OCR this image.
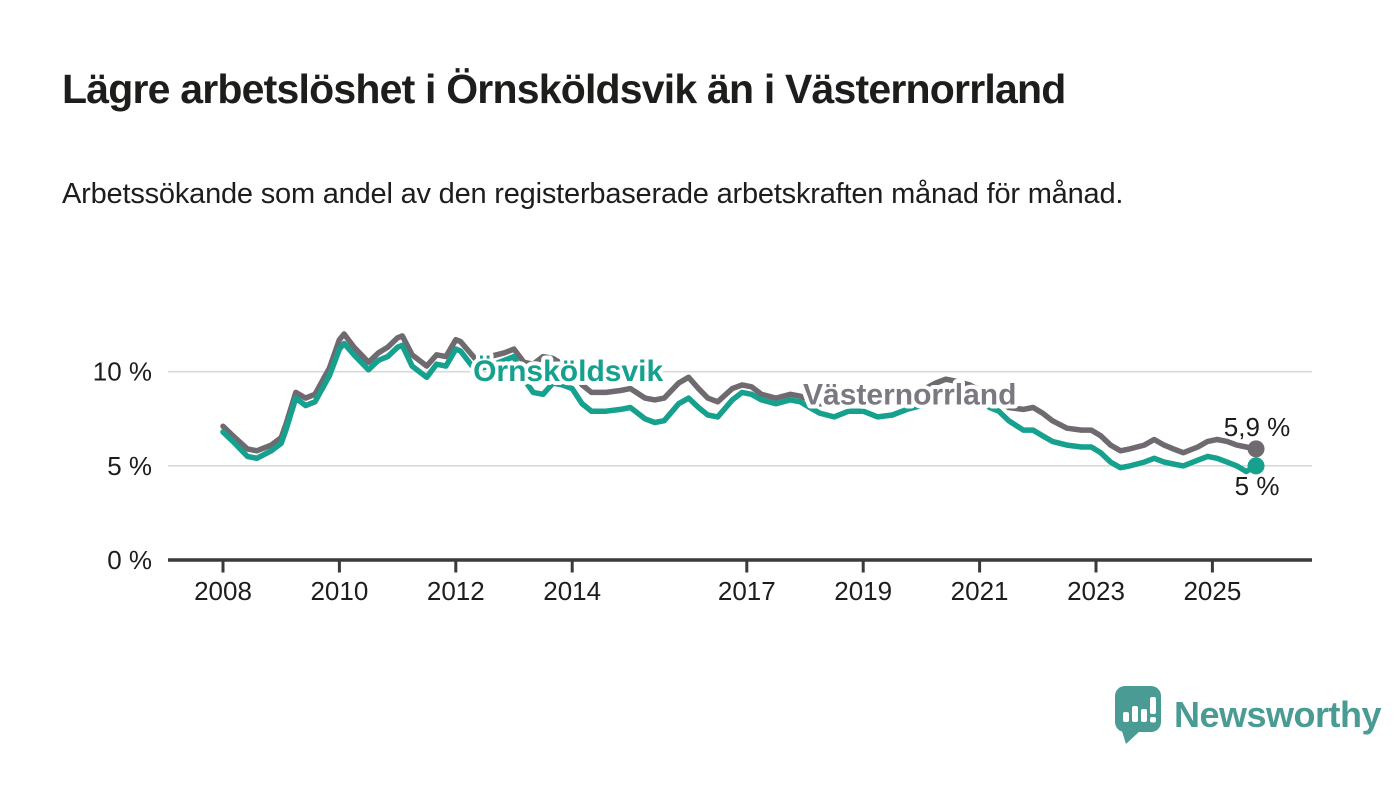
Lägre arbetslöshet i Örnsköldsvik än i Västernorrland

Arbetssökande som andel av den registerbaserade arbetskraften månad för månad.

2008 2010 2012 2014	2017 2019 2021 2023 2025
0 %
5 %
10 %
Västernorrland
Örnsköldsvik
5,9 %
5 %
Newsworthy
